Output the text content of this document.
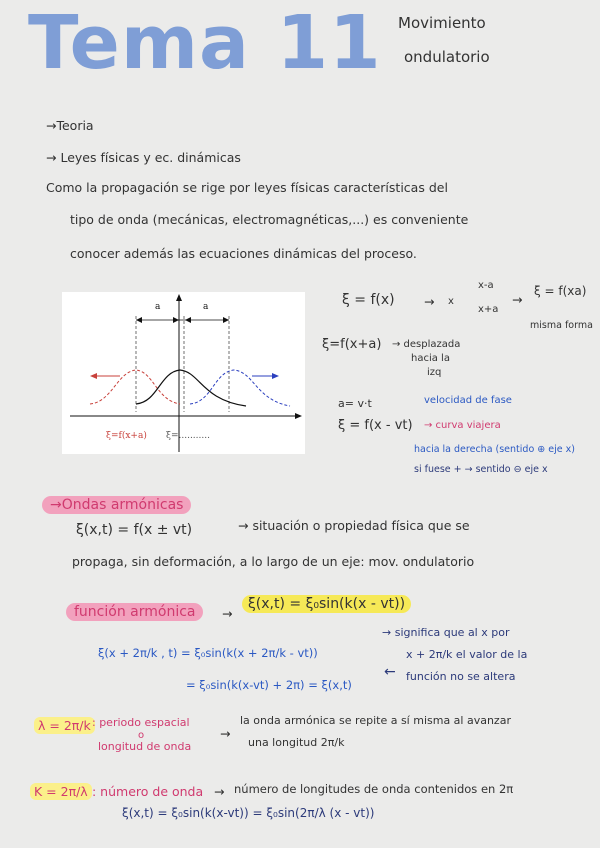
Tema 11 Movimiento
ondulatorio
→Teoria
→ Leyes físicas y ec. dinámicas
Como la propagación se rige por leyes físicas características del
tipo de onda (mecánicas, electromagnéticas,...) es conveniente
conocer además las ecuaciones dinámicas del proceso.
a	a
ξ=f(x+a) ξ=...........
ξ = f(x) → x
x-a
x+a
→
ξ = f(xa)
misma forma
ξ=f(x+a) → desplazada
hacia la
izq
a= v·t	velocidad de fase
ξ = f(x - vt) → curva viajera
hacia la derecha (sentido ⊕ eje x)
si fuese + → sentido ⊖ eje x
→Ondas armónicas
ξ(x,t) = f(x ± vt)	→ situación o propiedad física que se
propaga, sin deformación, a lo largo de un eje: mov. ondulatorio
función armónica	→
ξ(x,t) = ξ₀sin(k(x - vt))
→ significa que al x por
x + 2π/k el valor de la
función no se altera
ξ(x + 2π/k , t) = ξ₀sin(k(x + 2π/k - vt))
←
= ξ₀sin(k(x-vt) + 2π) = ξ(x,t)
λ = 2π/k : periodo espacial
o
longitud de onda
→
la onda armónica se repite a sí misma al avanzar
una longitud 2π/k
K = 2π/λ : número de onda → número de longitudes de onda contenidos en 2π
ξ(x,t) = ξ₀sin(k(x-vt)) = ξ₀sin(2π/λ (x - vt))
